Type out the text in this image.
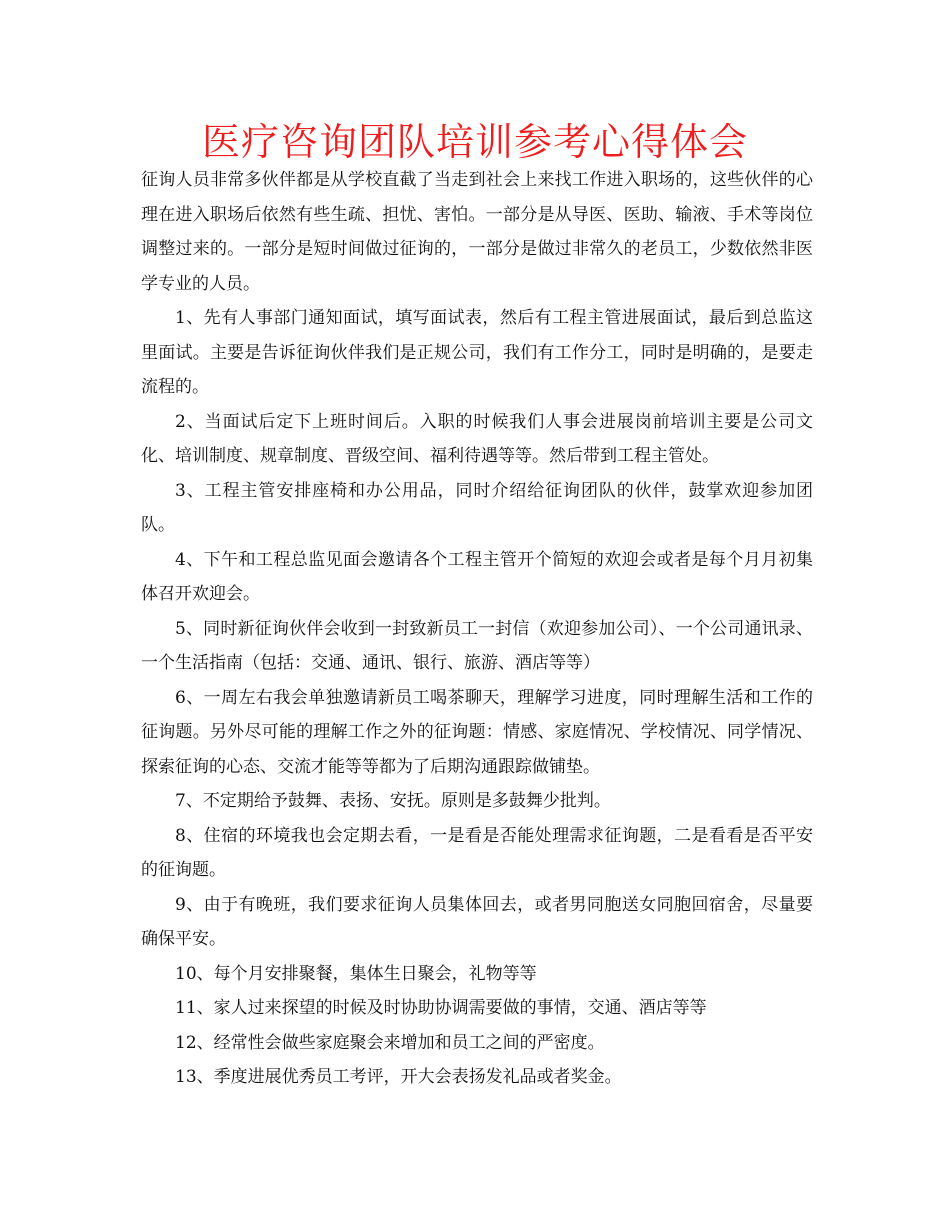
医疗咨询团队培训参考心得体会

征询人员非常多伙伴都是从学校直截了当走到社会上来找工作进入职场的，这些伙伴的心理在进入职场后依然有些生疏、担忧、害怕。一部分是从导医、医助、输液、手术等岗位调整过来的。一部分是短时间做过征询的，一部分是做过非常久的老员工，少数依然非医学专业的人员。

1、先有人事部门通知面试，填写面试表，然后有工程主管进展面试，最后到总监这里面试。主要是告诉征询伙伴我们是正规公司，我们有工作分工，同时是明确的，是要走流程的。

2、当面试后定下上班时间后。入职的时候我们人事会进展岗前培训主要是公司文化、培训制度、规章制度、晋级空间、福利待遇等等。然后带到工程主管处。

3、工程主管安排座椅和办公用品，同时介绍给征询团队的伙伴，鼓掌欢迎参加团队。

4、下午和工程总监见面会邀请各个工程主管开个简短的欢迎会或者是每个月月初集体召开欢迎会。

5、同时新征询伙伴会收到一封致新员工一封信（欢迎参加公司）、一个公司通讯录、一个生活指南（包括：交通、通讯、银行、旅游、酒店等等）

6、一周左右我会单独邀请新员工喝茶聊天，理解学习进度，同时理解生活和工作的征询题。另外尽可能的理解工作之外的征询题：情感、家庭情况、学校情况、同学情况、探索征询的心态、交流才能等等都为了后期沟通跟踪做铺垫。

7、不定期给予鼓舞、表扬、安抚。原则是多鼓舞少批判。

8、住宿的环境我也会定期去看，一是看是否能处理需求征询题，二是看看是否平安的征询题。

9、由于有晚班，我们要求征询人员集体回去，或者男同胞送女同胞回宿舍，尽量要确保平安。

10、每个月安排聚餐，集体生日聚会，礼物等等

11、家人过来探望的时候及时协助协调需要做的事情，交通、酒店等等

12、经常性会做些家庭聚会来增加和员工之间的严密度。

13、季度进展优秀员工考评，开大会表扬发礼品或者奖金。
